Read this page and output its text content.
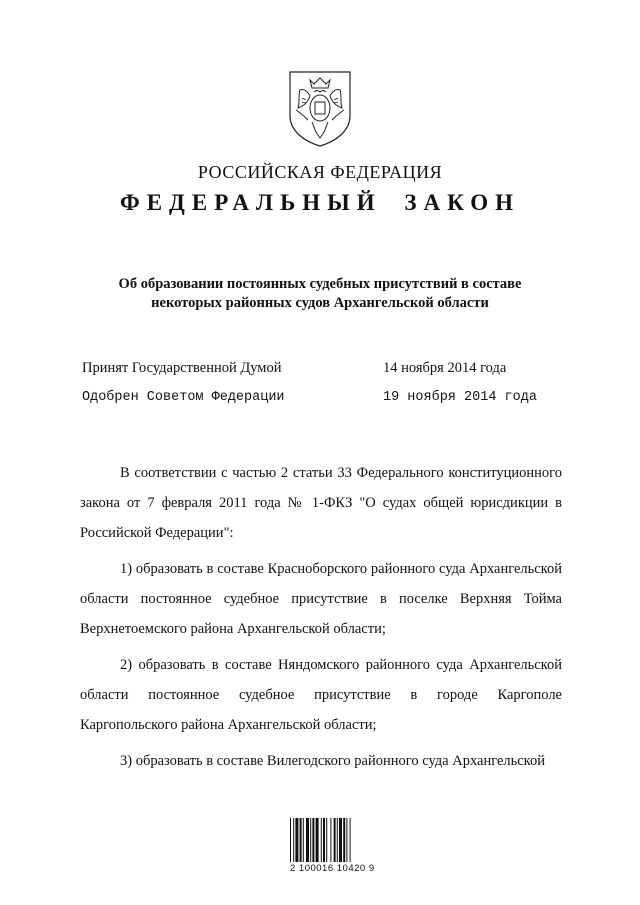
РОССИЙСКАЯ ФЕДЕРАЦИЯ
ФЕДЕРАЛЬНЫЙ ЗАКОН
Об образовании постоянных судебных присутствий в составе
некоторых районных судов Архангельской области
Принят Государственной Думой	14 ноября 2014 года
Одобрен Советом Федерации	19 ноября 2014 года

В соответствии с частью 2 статьи 33 Федерального конституционного закона от 7 февраля 2011 года № 1-ФКЗ "О судах общей юрисдикции в Российской Федерации":

1) образовать в составе Красноборского районного суда Архангельской области постоянное судебное присутствие в поселке Верхняя Тойма Верхнетоемского района Архангельской области;

2) образовать в составе Няндомского районного суда Архангельской области постоянное судебное присутствие в городе Каргополе Каргопольского района Архангельской области;

3) образовать в составе Вилегодского районного суда Архангельской

2 100016 10420 9
